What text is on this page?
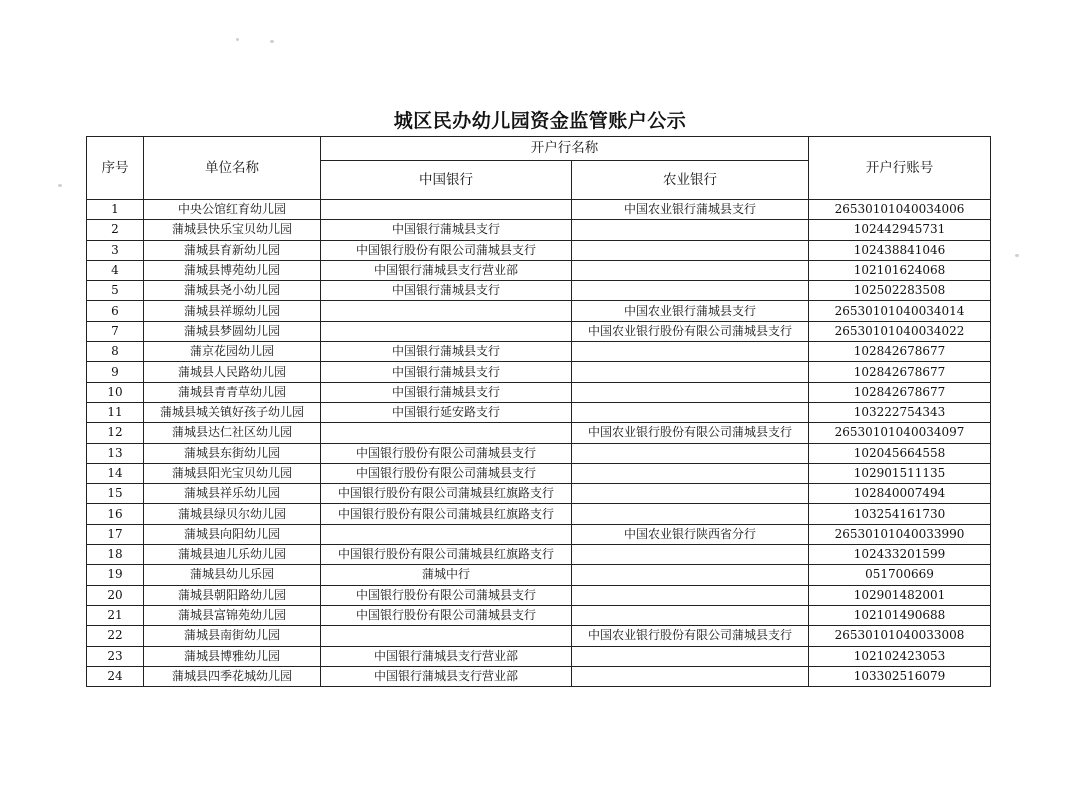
城区民办幼儿园资金监管账户公示
序号	单位名称	开户行名称		开户行账号
		中国银行	农业银行	
1	中央公馆红育幼儿园		中国农业银行蒲城县支行	26530101040034006
2	蒲城县快乐宝贝幼儿园	中国银行蒲城县支行		102442945731
3	蒲城县育新幼儿园	中国银行股份有限公司蒲城县支行		102438841046
4	蒲城县博苑幼儿园	中国银行蒲城县支行营业部		102101624068
5	蒲城县尧小幼儿园	中国银行蒲城县支行		102502283508
6	蒲城县祥塬幼儿园		中国农业银行蒲城县支行	26530101040034014
7	蒲城县梦圆幼儿园		中国农业银行股份有限公司蒲城县支行	26530101040034022
8	蒲京花园幼儿园	中国银行蒲城县支行		102842678677
9	蒲城县人民路幼儿园	中国银行蒲城县支行		102842678677
10	蒲城县青青草幼儿园	中国银行蒲城县支行		102842678677
11	蒲城县城关镇好孩子幼儿园	中国银行延安路支行		103222754343
12	蒲城县达仁社区幼儿园		中国农业银行股份有限公司蒲城县支行	26530101040034097
13	蒲城县东街幼儿园	中国银行股份有限公司蒲城县支行		102045664558
14	蒲城县阳光宝贝幼儿园	中国银行股份有限公司蒲城县支行		102901511135
15	蒲城县祥乐幼儿园	中国银行股份有限公司蒲城县红旗路支行		102840007494
16	蒲城县绿贝尔幼儿园	中国银行股份有限公司蒲城县红旗路支行		103254161730
17	蒲城县向阳幼儿园		中国农业银行陕西省分行	26530101040033990
18	蒲城县迪儿乐幼儿园	中国银行股份有限公司蒲城县红旗路支行		102433201599
19	蒲城县幼儿乐园	蒲城中行		051700669
20	蒲城县朝阳路幼儿园	中国银行股份有限公司蒲城县支行		102901482001
21	蒲城县富锦苑幼儿园	中国银行股份有限公司蒲城县支行		102101490688
22	蒲城县南街幼儿园		中国农业银行股份有限公司蒲城县支行	26530101040033008
23	蒲城县博雅幼儿园	中国银行蒲城县支行营业部		102102423053
24	蒲城县四季花城幼儿园	中国银行蒲城县支行营业部		103302516079
